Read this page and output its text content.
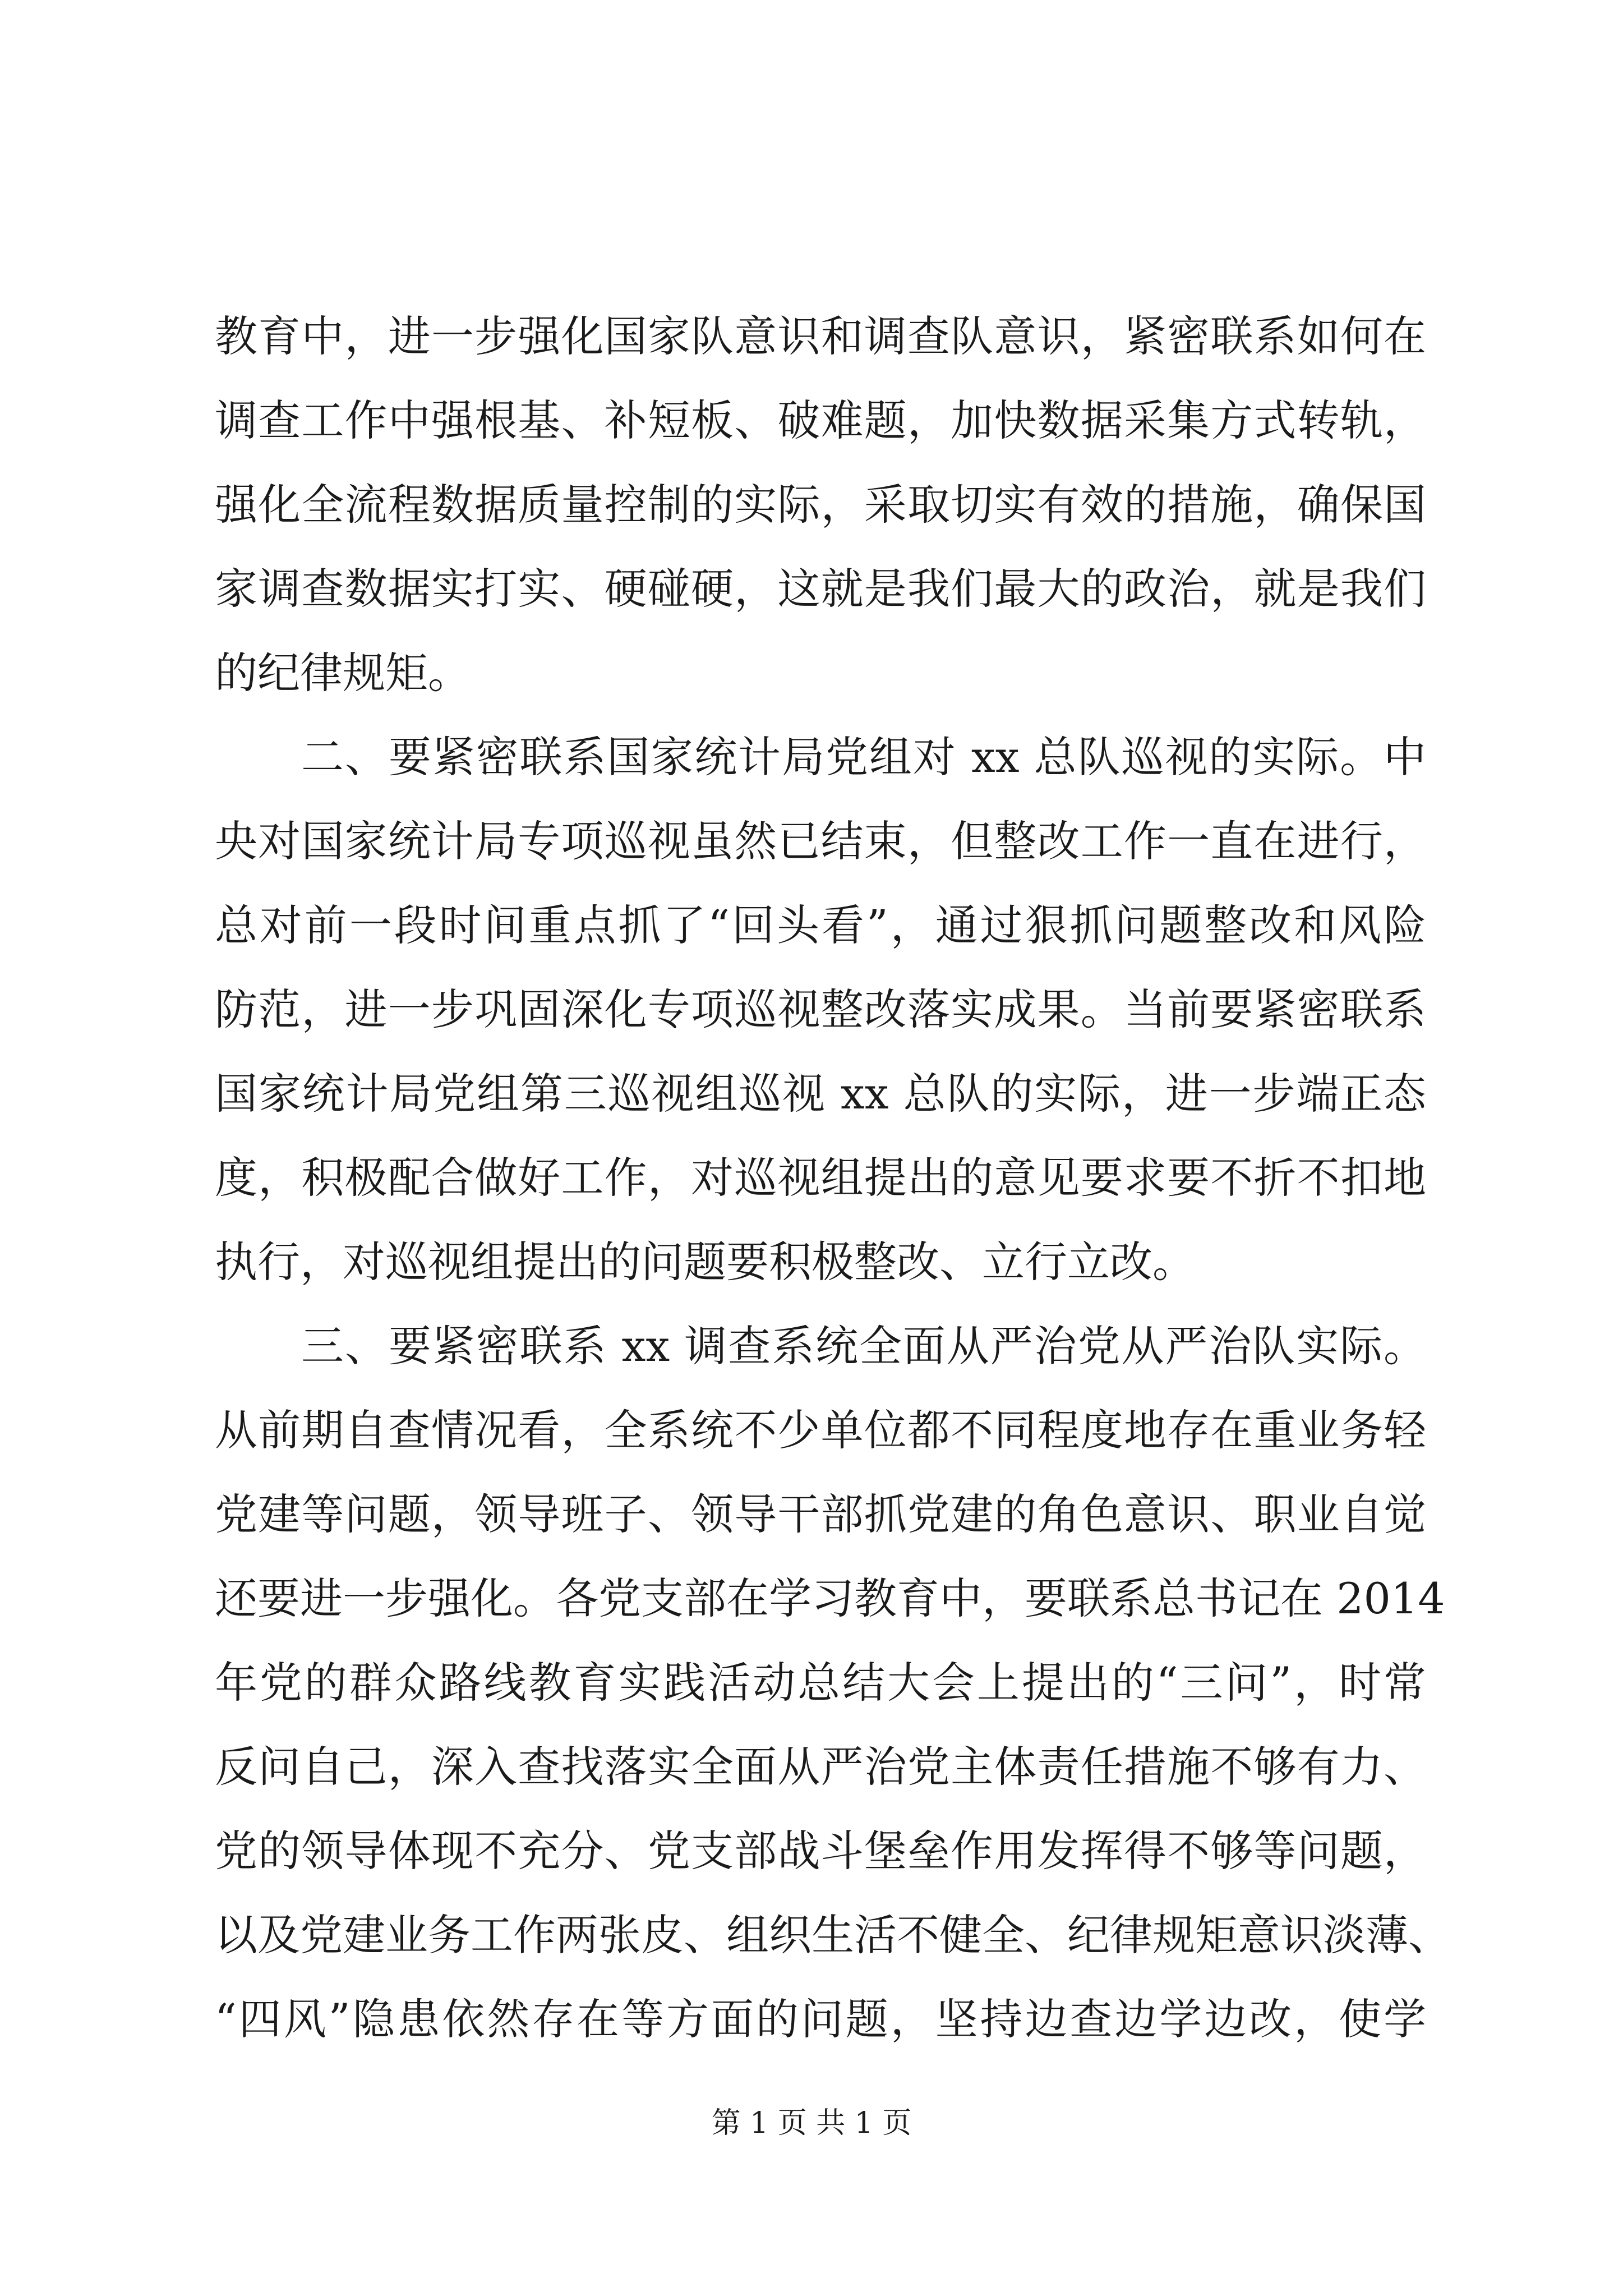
教育中，进一步强化国家队意识和调查队意识，紧密联系如何在
调查工作中强根基、补短板、破难题，加快数据采集方式转轨，
强化全流程数据质量控制的实际，采取切实有效的措施，确保国
家调查数据实打实、硬碰硬，这就是我们最大的政治，就是我们
的纪律规矩。
二、要紧密联系国家统计局党组对 xx 总队巡视的实际。中
央对国家统计局专项巡视虽然已结束，但整改工作一直在进行，
总对前一段时间重点抓了“回头看”，通过狠抓问题整改和风险
防范，进一步巩固深化专项巡视整改落实成果。当前要紧密联系
国家统计局党组第三巡视组巡视 xx 总队的实际，进一步端正态
度，积极配合做好工作，对巡视组提出的意见要求要不折不扣地
执行，对巡视组提出的问题要积极整改、立行立改。
三、要紧密联系 xx 调查系统全面从严治党从严治队实际。
从前期自查情况看，全系统不少单位都不同程度地存在重业务轻
党建等问题，领导班子、领导干部抓党建的角色意识、职业自觉
还要进一步强化。各党支部在学习教育中，要联系总书记在 2014
年党的群众路线教育实践活动总结大会上提出的“三问”，时常
反问自己，深入查找落实全面从严治党主体责任措施不够有力、
党的领导体现不充分、党支部战斗堡垒作用发挥得不够等问题，
以及党建业务工作两张皮、组织生活不健全、纪律规矩意识淡薄、
“四风”隐患依然存在等方面的问题，坚持边查边学边改，使学
第 1 页 共 1 页
